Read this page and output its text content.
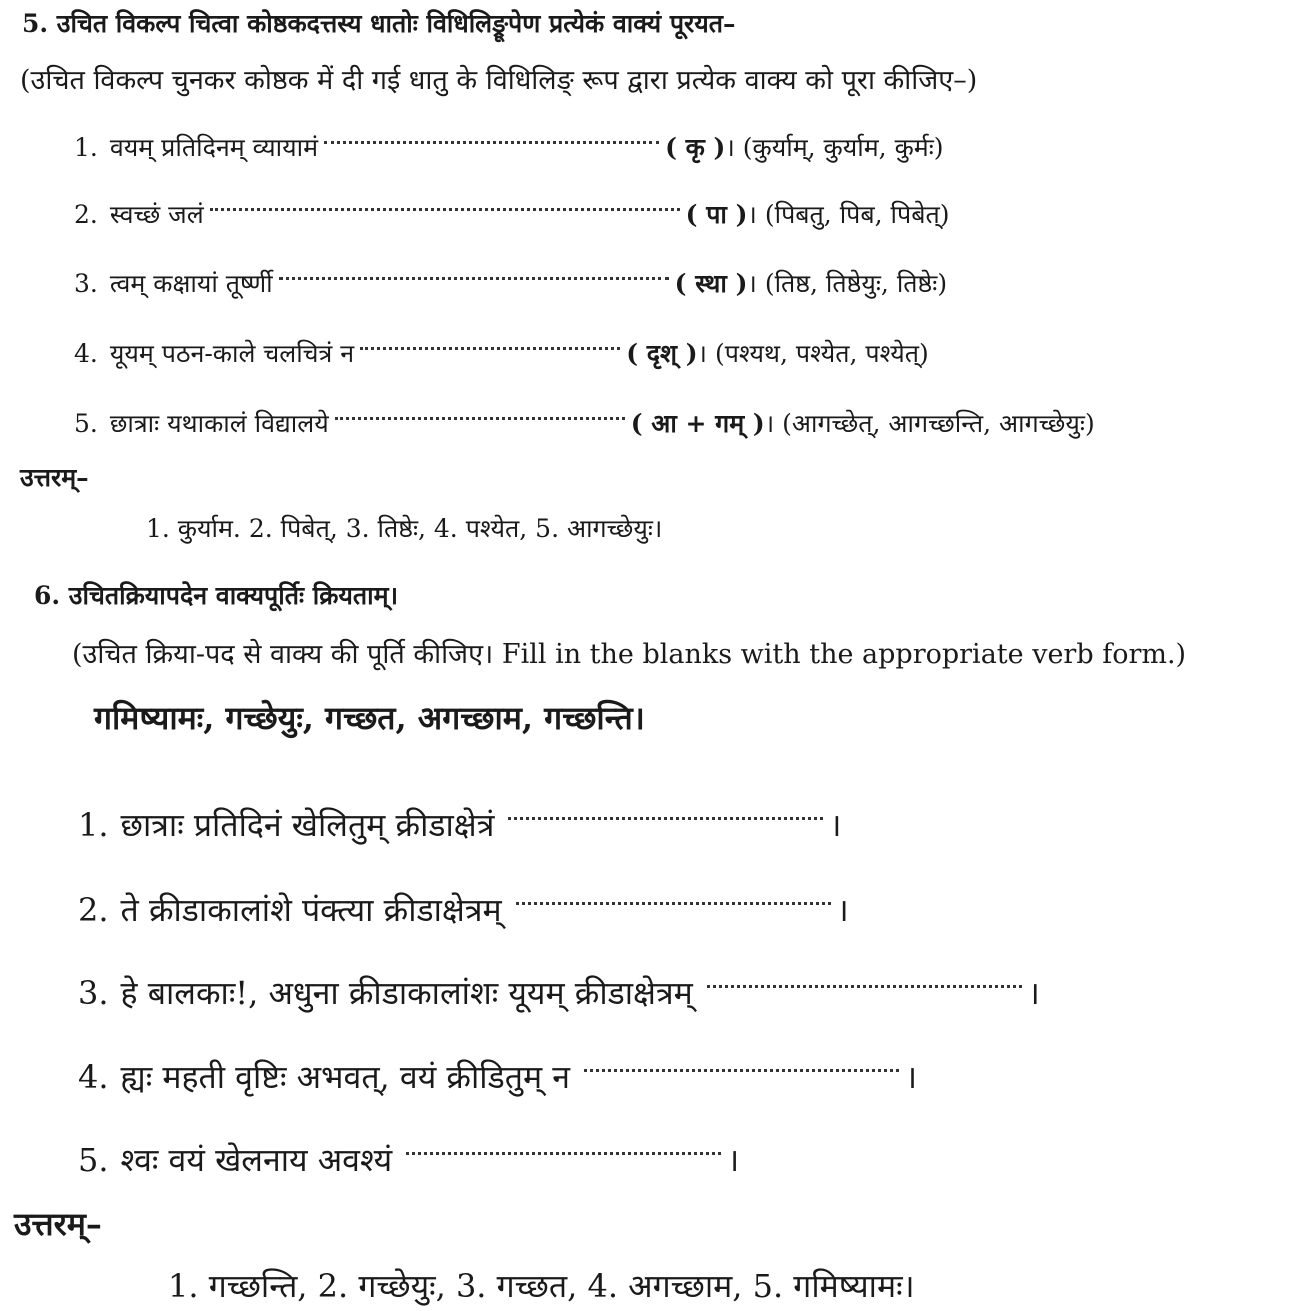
5. उचित विकल्प चित्वा कोष्ठकदत्तस्य धातोः विधिलिङ्रूपेण प्रत्येकं वाक्यं पूरयत–
(उचित विकल्प चुनकर कोष्ठक में दी गई धातु के विधिलिङ् रूप द्वारा प्रत्येक वाक्य को पूरा कीजिए–)
1. वयम् प्रतिदिनम् व्यायामं	( कृ )। (कुर्याम्, कुर्याम, कुर्मः)
2. स्वच्छं जलं	( पा )। (पिबतु, पिब, पिबेत्)
3. त्वम् कक्षायां तूर्ष्णी	( स्था )। (तिष्ठ, तिष्ठेयुः, तिष्ठेः)
4. यूयम् पठन-काले चलचित्रं न	( दृश् )। (पश्यथ, पश्येत, पश्येत्)
5. छात्राः यथाकालं विद्यालये	( आ + गम् )। (आगच्छेत्, आगच्छन्ति, आगच्छेयुः)
उत्तरम्–
1. कुर्याम. 2. पिबेत्, 3. तिष्ठेः, 4. पश्येत, 5. आगच्छेयुः।
6. उचितक्रियापदेन वाक्यपूर्तिः क्रियताम्।
(उचित क्रिया-पद से वाक्य की पूर्ति कीजिए। Fill in the blanks with the appropriate verb form.)
गमिष्यामः, गच्छेयुः, गच्छत, अगच्छाम, गच्छन्ति।
1. छात्राः प्रतिदिनं खेलितुम् क्रीडाक्षेत्रं	।
2. ते क्रीडाकालांशे पंक्त्या क्रीडाक्षेत्रम्	।
3. हे बालकाः!, अधुना क्रीडाकालांशः यूयम् क्रीडाक्षेत्रम्	।
4. ह्यः महती वृष्टिः अभवत्, वयं क्रीडितुम् न	।
5. श्वः वयं खेलनाय अवश्यं	।
उत्तरम्–
1. गच्छन्ति, 2. गच्छेयुः, 3. गच्छत, 4. अगच्छाम, 5. गमिष्यामः।
